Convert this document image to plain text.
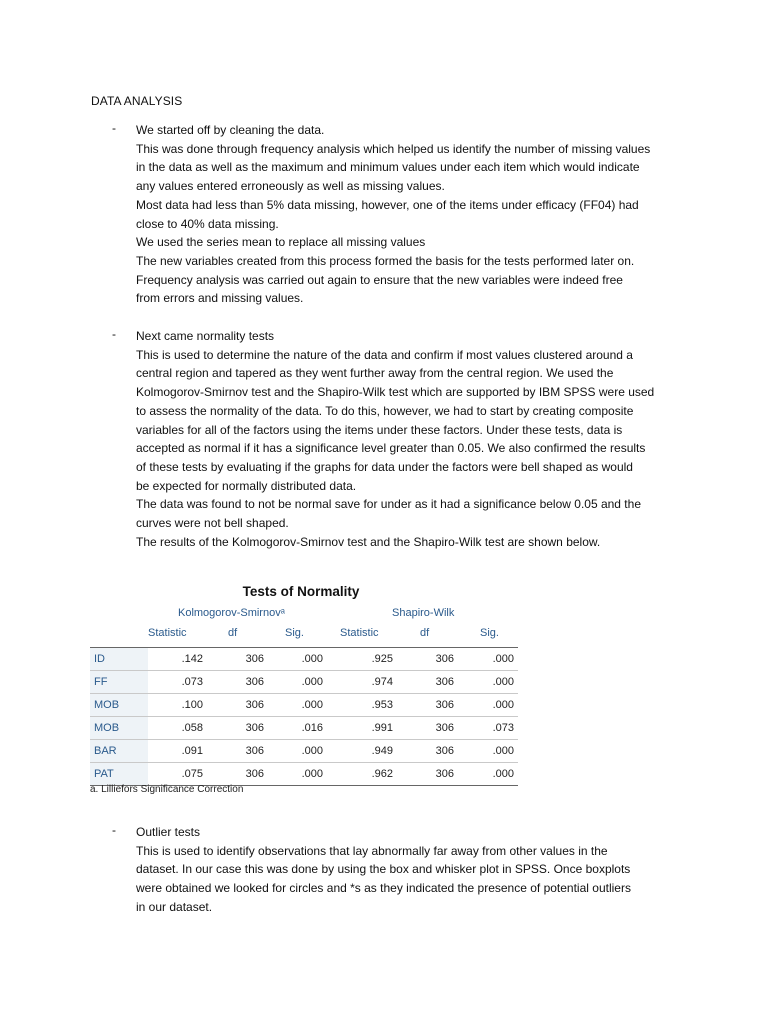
DATA ANALYSIS
- We started off by cleaning the data.
This was done through frequency analysis which helped us identify the number of missing values
in the data as well as the maximum and minimum values under each item which would indicate
any values entered erroneously as well as missing values.
Most data had less than 5% data missing, however, one of the items under efficacy (FF04) had
close to 40% data missing.
We used the series mean to replace all missing values
The new variables created from this process formed the basis for the tests performed later on.
Frequency analysis was carried out again to ensure that the new variables were indeed free
from errors and missing values.
- Next came normality tests
This is used to determine the nature of the data and confirm if most values clustered around a
central region and tapered as they went further away from the central region. We used the
Kolmogorov-Smirnov test and the Shapiro-Wilk test which are supported by IBM SPSS were used
to assess the normality of the data. To do this, however, we had to start by creating composite
variables for all of the factors using the items under these factors. Under these tests, data is
accepted as normal if it has a significance level greater than 0.05. We also confirmed the results
of these tests by evaluating if the graphs for data under the factors were bell shaped as would
be expected for normally distributed data.
The data was found to not be normal save for under as it had a significance below 0.05 and the
curves were not bell shaped.
The results of the Kolmogorov-Smirnov test and the Shapiro-Wilk test are shown below.
Tests of Normality
Kolmogorov-Smirnovᵃ	Shapiro-Wilk
Statistic	df	Sig.	Statistic	df	Sig.
ID	.142	306	.000	.925	306	.000
FF	.073	306	.000	.974	306	.000
MOB	.100	306	.000	.953	306	.000
MOB	.058	306	.016	.991	306	.073
BAR	.091	306	.000	.949	306	.000
PAT	.075	306	.000	.962	306	.000
a. Lilliefors Significance Correction
- Outlier tests
This is used to identify observations that lay abnormally far away from other values in the
dataset. In our case this was done by using the box and whisker plot in SPSS. Once boxplots
were obtained we looked for circles and *s as they indicated the presence of potential outliers
in our dataset.
